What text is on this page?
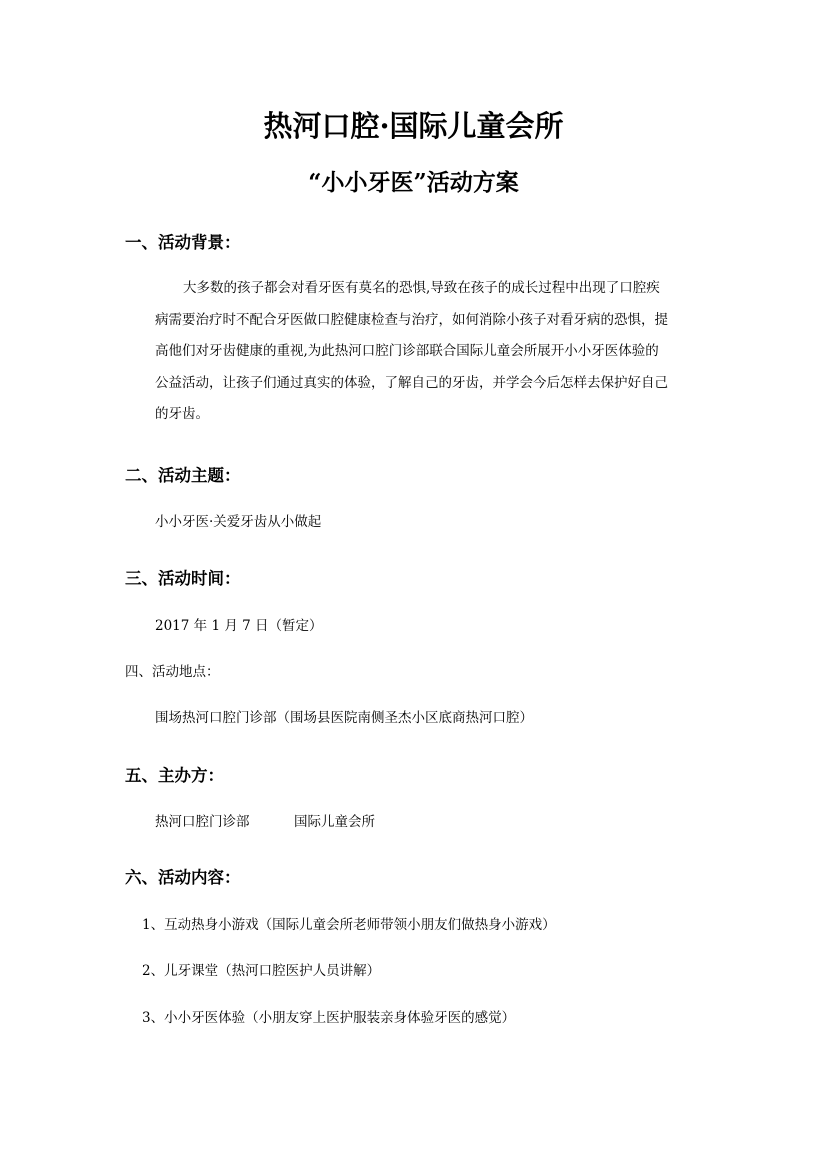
热河口腔·国际儿童会所
“小小牙医”活动方案
一、活动背景：
大多数的孩子都会对看牙医有莫名的恐惧,导致在孩子的成长过程中出现了口腔疾
病需要治疗时不配合牙医做口腔健康检查与治疗，如何消除小孩子对看牙病的恐惧，提
高他们对牙齿健康的重视,为此热河口腔门诊部联合国际儿童会所展开小小牙医体验的
公益活动，让孩子们通过真实的体验，了解自己的牙齿，并学会今后怎样去保护好自己
的牙齿。
二、活动主题：
小小牙医·关爱牙齿从小做起
三、活动时间：
2017 年 1 月 7 日（暂定）
四、活动地点：
围场热河口腔门诊部（围场县医院南侧圣杰小区底商热河口腔）
五、主办方：
热河口腔门诊部	国际儿童会所
六、活动内容：
1、互动热身小游戏（国际儿童会所老师带领小朋友们做热身小游戏）
2、儿牙课堂（热河口腔医护人员讲解）
3、小小牙医体验（小朋友穿上医护服装亲身体验牙医的感觉）
